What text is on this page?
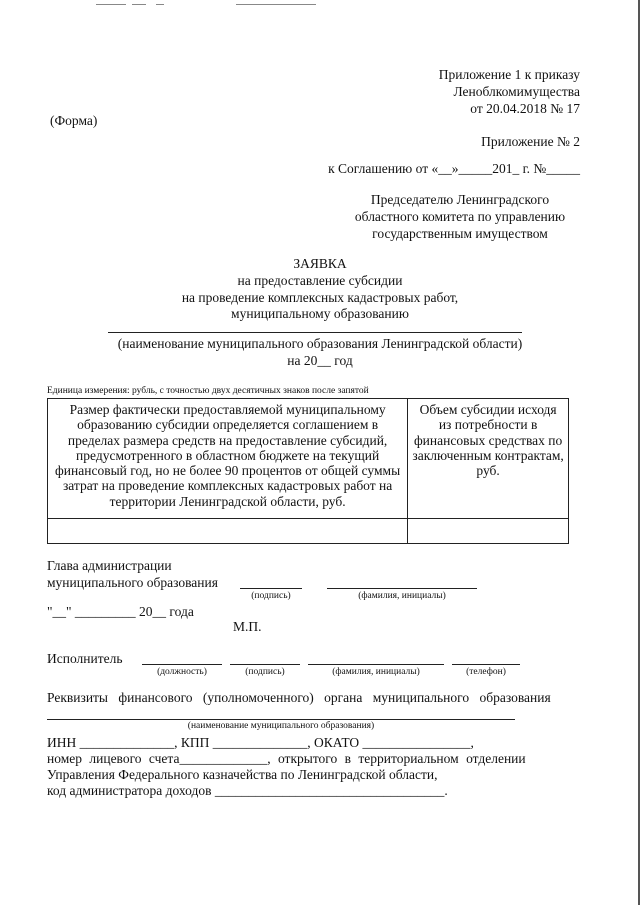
Приложение 1 к приказу
Леноблкомимущества
от 20.04.2018 № 17
(Форма)
Приложение № 2
к Соглашению от «__»_____201_ г. №_____
Председателю Ленинградского
областного комитета по управлению
государственным имуществом
ЗАЯВКА
на предоставление субсидии
на проведение комплексных кадастровых работ,
муниципальному образованию
(наименование муниципального образования Ленинградской области)
на 20__ год
Единица измерения: рубль, с точностью двух десятичных знаков после запятой
Размер фактически предоставляемой муниципальному образованию субсидии определяется соглашением в пределах размера средств на предоставление субсидий, предусмотренного в областном бюджете на текущий финансовый год, но не более 90 процентов от общей суммы затрат на проведение комплексных кадастровых работ на территории Ленинградской области, руб.	Объем субсидии исходя из потребности в финансовых средствах по заключенным контрактам, руб.

Глава администрации
муниципального образования
(подпись)	(фамилия, инициалы)
"__" _________ 20__ года
М.П.
Исполнитель
(должность)	(подпись)	(фамилия, инициалы)	(телефон)
Реквизиты финансового (уполномоченного) органа муниципального образования
(наименование муниципального образования)
ИНН ______________, КПП ______________, ОКАТО ________________,
номер лицевого счета_____________, открытого в территориальном отделении
Управления Федерального казначейства по Ленинградской области,
код администратора доходов __________________________________.
